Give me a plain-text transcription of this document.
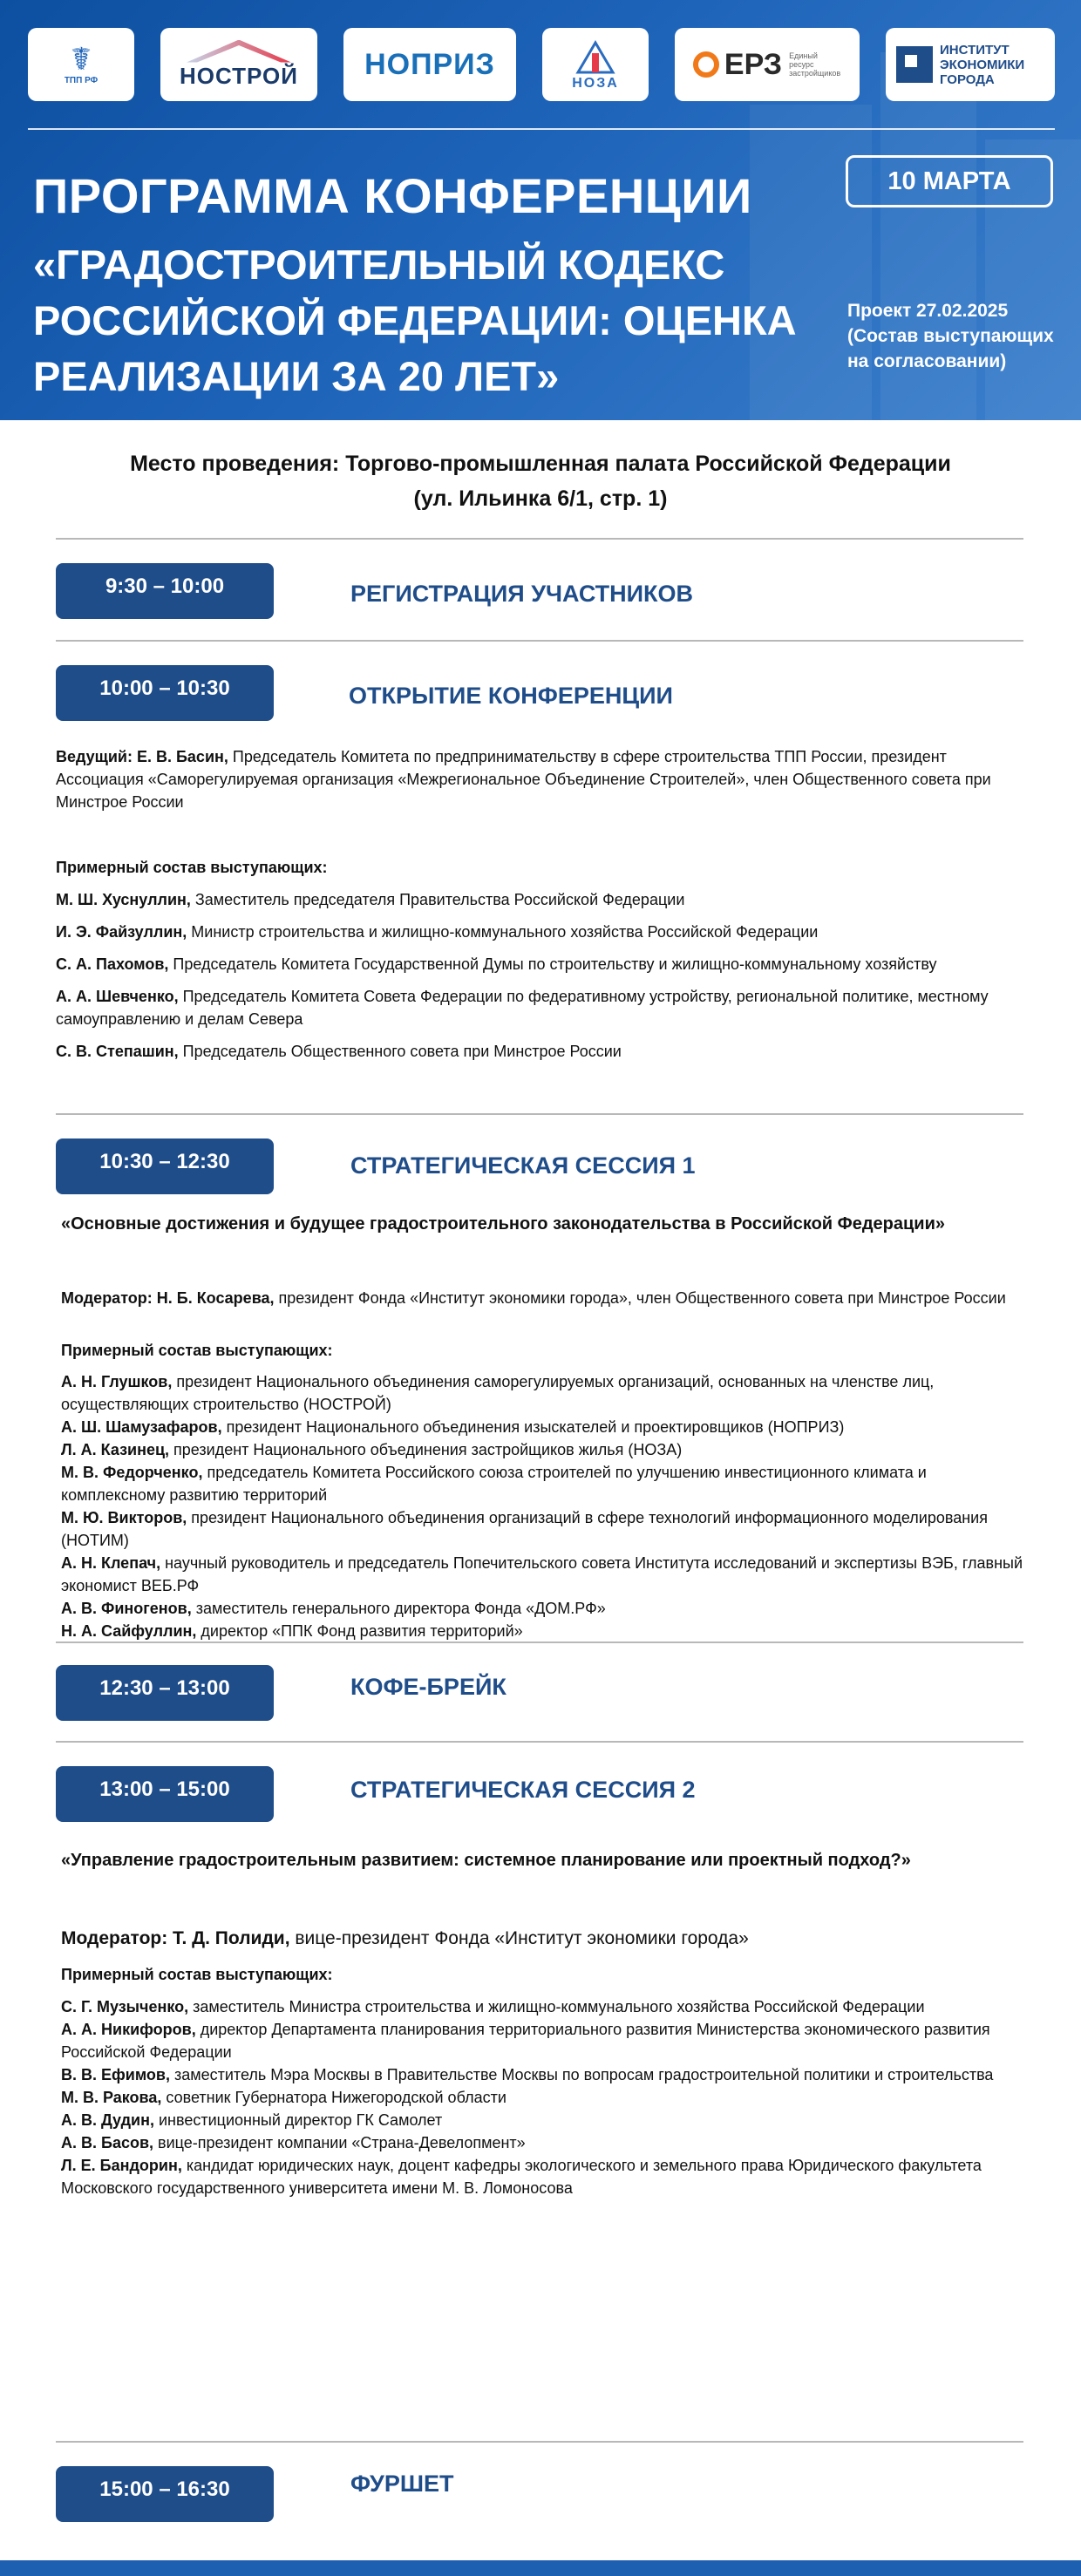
☤
ТПП РФ	НОСТРОЙ НОПРИЗ
НОЗА
ЕРЗ Единый ресурс застройщиков
ИНСТИТУТ ЭКОНОМИКИ ГОРОДА
ПРОГРАММА КОНФЕРЕНЦИИ
«ГРАДОСТРОИТЕЛЬНЫЙ КОДЕКС
РОССИЙСКОЙ ФЕДЕРАЦИИ: ОЦЕНКА
РЕАЛИЗАЦИИ ЗА 20 ЛЕТ»
10 МАРТА
Проект 27.02.2025
(Состав выступающих
на согласовании)
Место проведения: Торгово-промышленная палата Российской Федерации
(ул. Ильинка 6/1, стр. 1)
9:30 – 10:00	РЕГИСТРАЦИЯ УЧАСТНИКОВ
10:00 – 10:30	ОТКРЫТИЕ КОНФЕРЕНЦИИ
Ведущий: Е. В. Басин, Председатель Комитета по предпринимательству в сфере строительства ТПП России, президент Ассоциация «Саморегулируемая организация «Межрегиональное Объединение Строителей», член Общественного совета при Минстрое России
Примерный состав выступающих:

М. Ш. Хуснуллин, Заместитель председателя Правительства Российской Федерации

И. Э. Файзуллин, Министр строительства и жилищно-коммунального хозяйства Российской Федерации

С. А. Пахомов, Председатель Комитета Государственной Думы по строительству и жилищно-коммунальному хозяйству

А. А. Шевченко, Председатель Комитета Совета Федерации по федеративному устройству, региональной политике, местному самоуправлению и делам Севера

С. В. Степашин, Председатель Общественного совета при Минстрое России

10:30 – 12:30	СТРАТЕГИЧЕСКАЯ СЕССИЯ 1
«Основные достижения и будущее градостроительного законодательства в Российской Федерации»
Модератор: Н. Б. Косарева, президент Фонда «Институт экономики города», член Общественного совета при Минстрое России
Примерный состав выступающих:

А. Н. Глушков, президент Национального объединения саморегулируемых организаций, основанных на членстве лиц, осуществляющих строительство (НОСТРОЙ)

А. Ш. Шамузафаров, президент Национального объединения изыскателей и проектировщиков (НОПРИЗ)

Л. А. Казинец, президент Национального объединения застройщиков жилья (НОЗА)

М. В. Федорченко, председатель Комитета Российского союза строителей по улучшению инвестиционного климата и комплексному развитию территорий

М. Ю. Викторов, президент Национального объединения организаций в сфере технологий информационного моделирования (НОТИМ)

А. Н. Клепач, научный руководитель и председатель Попечительского совета Института исследований и экспертизы ВЭБ, главный экономист ВЕБ.РФ

А. В. Финогенов, заместитель генерального директора Фонда «ДОМ.РФ»

Н. А. Сайфуллин, директор «ППК Фонд развития территорий»

12:30 – 13:00	КОФЕ-БРЕЙК
13:00 – 15:00	СТРАТЕГИЧЕСКАЯ СЕССИЯ 2
«Управление градостроительным развитием: системное планирование или проектный подход?»
Модератор: Т. Д. Полиди, вице-президент Фонда «Институт экономики города»
Примерный состав выступающих:

С. Г. Музыченко, заместитель Министра строительства и жилищно-коммунального хозяйства Российской Федерации

А. А. Никифоров, директор Департамента планирования территориального развития Министерства экономического развития Российской Федерации

В. В. Ефимов, заместитель Мэра Москвы в Правительстве Москвы по вопросам градостроительной политики и строительства

М. В. Ракова, советник Губернатора Нижегородской области

А. В. Дудин, инвестиционный директор ГК Самолет

А. В. Басов, вице-президент компании «Страна-Девелопмент»

Л. Е. Бандорин, кандидат юридических наук, доцент кафедры экологического и земельного права Юридического факультета Московского государственного университета имени М. В. Ломоносова

15:00 – 16:30	ФУРШЕТ
